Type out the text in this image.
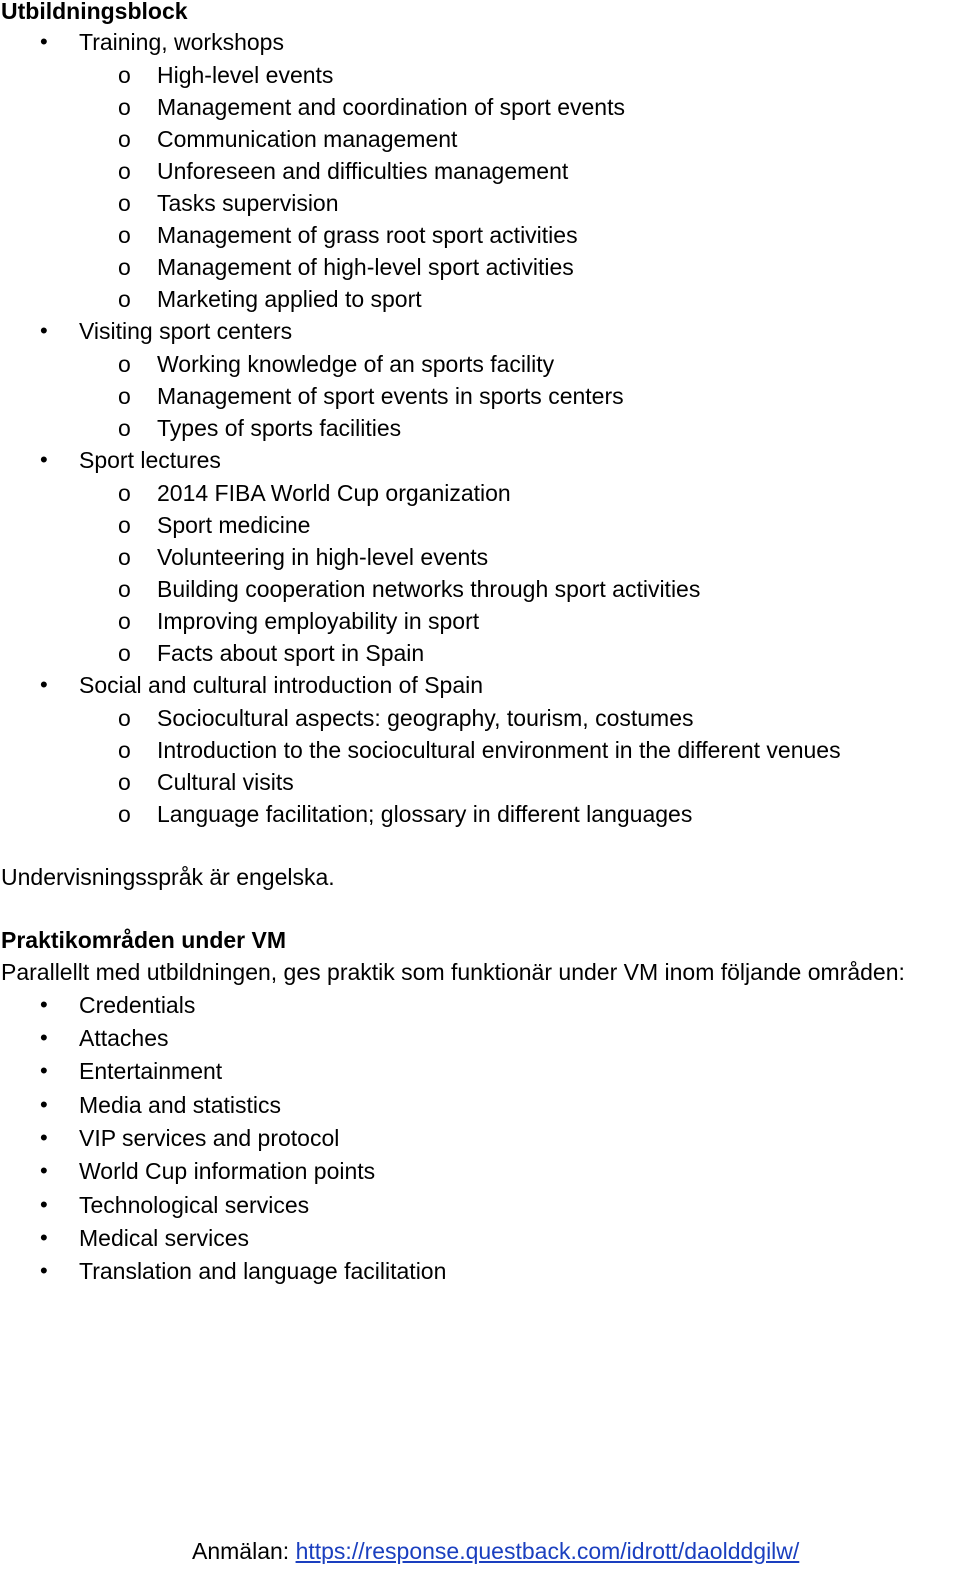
Utbildningsblock
• Training, workshops
o High-level events
o Management and coordination of sport events
o Communication management
o Unforeseen and difficulties management
o Tasks supervision
o Management of grass root sport activities
o Management of high-level sport activities
o Marketing applied to sport
• Visiting sport centers
o Working knowledge of an sports facility
o Management of sport events in sports centers
o Types of sports facilities
• Sport lectures
o 2014 FIBA World Cup organization
o Sport medicine
o Volunteering in high-level events
o Building cooperation networks through sport activities
o Improving employability in sport
o Facts about sport in Spain
• Social and cultural introduction of Spain
o Sociocultural aspects: geography, tourism, costumes
o Introduction to the sociocultural environment in the different venues
o Cultural visits
o Language facilitation; glossary in different languages
Undervisningsspråk är engelska.
Praktikområden under VM
Parallellt med utbildningen, ges praktik som funktionär under VM inom följande områden:
• Credentials
• Attaches
• Entertainment
• Media and statistics
• VIP services and protocol
• World Cup information points
• Technological services
• Medical services
• Translation and language facilitation
Anmälan: https://response.questback.com/idrott/daolddgilw/
